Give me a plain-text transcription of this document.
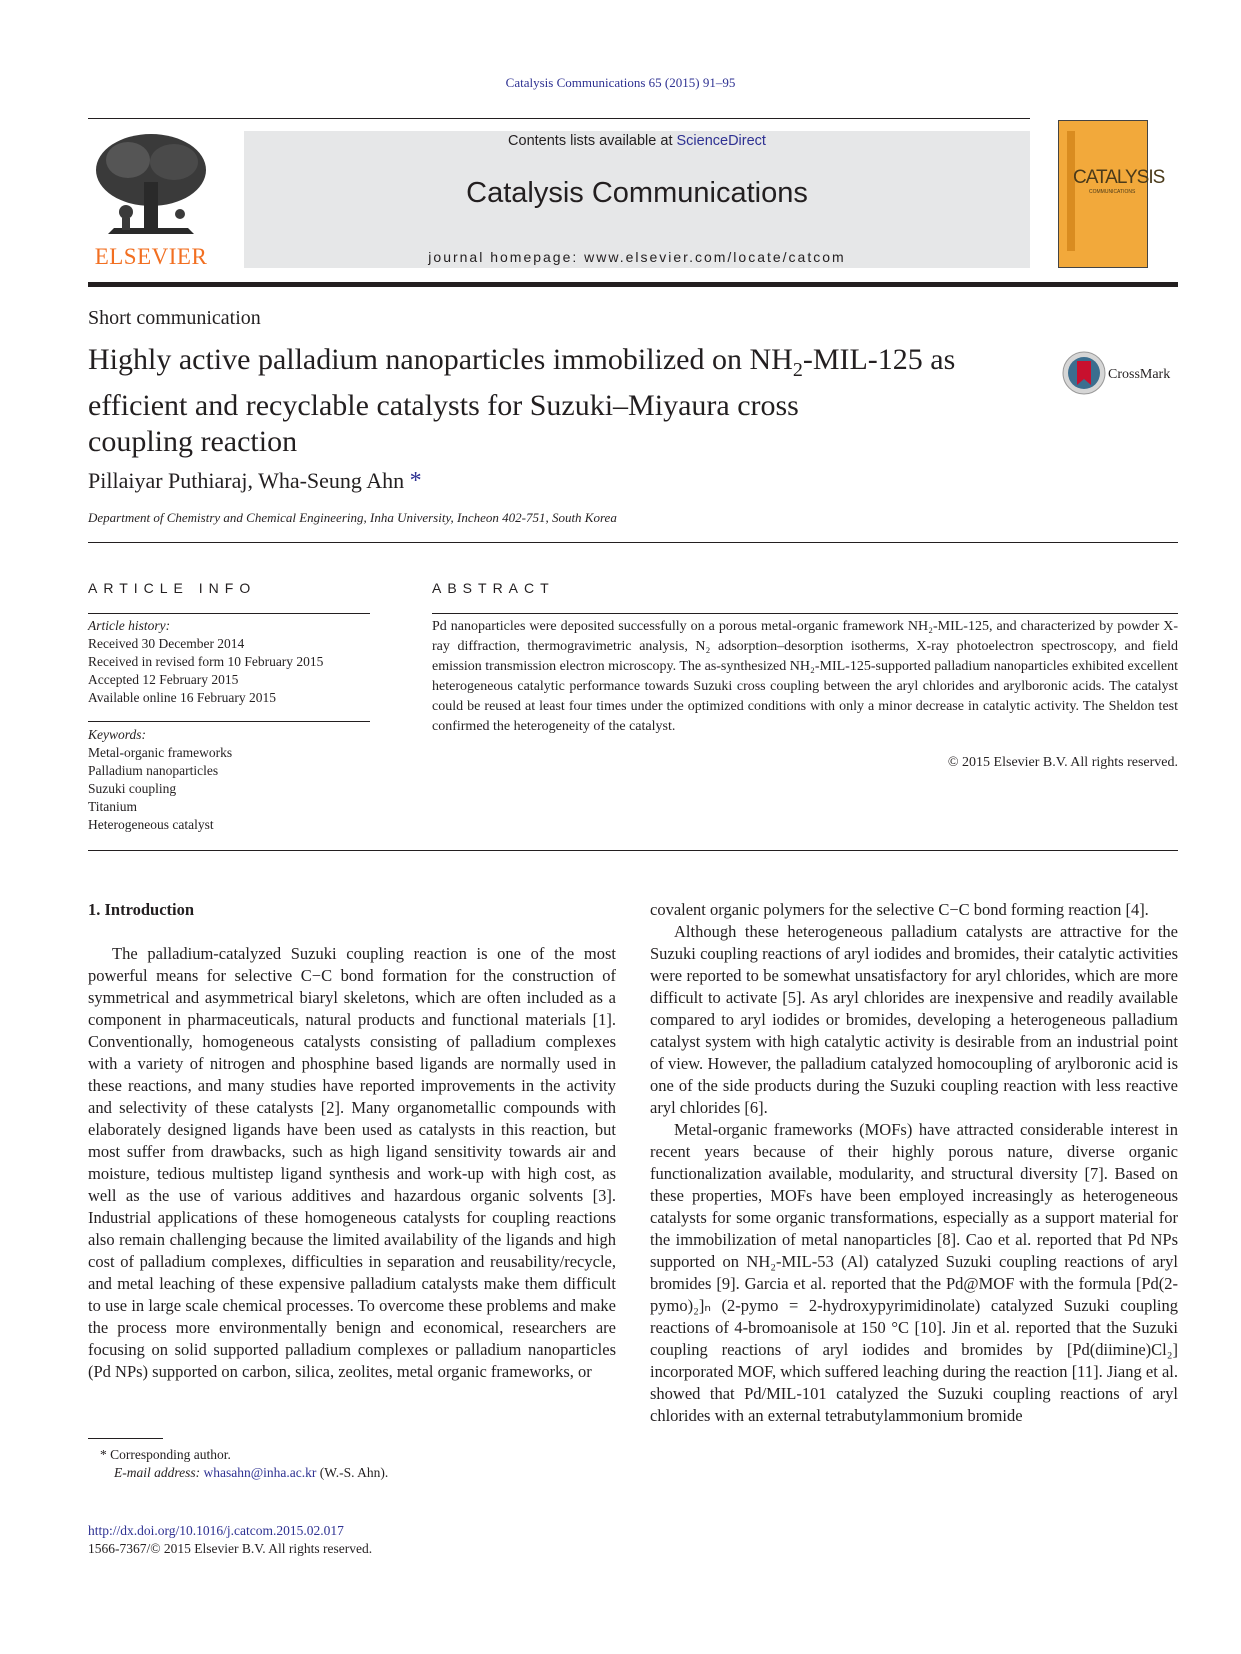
Catalysis Communications 65 (2015) 91–95
ELSEVIER
Contents lists available at ScienceDirect
Catalysis Communications
journal homepage: www.elsevier.com/locate/catcom
CATALYSIS
COMMUNICATIONS
Short communication
Highly active palladium nanoparticles immobilized on $NH_2-MIL-125$ as
efficient and recyclable catalysts for Suzuki–Miyaura cross
coupling reaction
CrossMark
Pillaiyar Puthiaraj, Wha-Seung Ahn *
Department of Chemistry and Chemical Engineering, Inha University, Incheon 402-751, South Korea
ARTICLE INFO
Article history:
Received 30 December 2014
Received in revised form 10 February 2015
Accepted 12 February 2015
Available online 16 February 2015
Keywords:
Metal-organic frameworks
Palladium nanoparticles
Suzuki coupling
Titanium
Heterogeneous catalyst
ABSTRACT
Pd nanoparticles were deposited successfully on a porous metal-organic framework NH₂-MIL-125, and characterized by powder X-ray diffraction, thermogravimetric analysis, N₂ adsorption–desorption isotherms, X-ray photoelectron spectroscopy, and field emission transmission electron microscopy. The as-synthesized NH₂-MIL-125-supported palladium nanoparticles exhibited excellent heterogeneous catalytic performance towards Suzuki cross coupling between the aryl chlorides and arylboronic acids. The catalyst could be reused at least four times under the optimized conditions with only a minor decrease in catalytic activity. The Sheldon test confirmed the heterogeneity of the catalyst.
© 2015 Elsevier B.V. All rights reserved.
1. Introduction

The palladium-catalyzed Suzuki coupling reaction is one of the most powerful means for selective C−C bond formation for the construction of symmetrical and asymmetrical biaryl skeletons, which are often included as a component in pharmaceuticals, natural products and functional materials [1]. Conventionally, homogeneous catalysts consisting of palladium complexes with a variety of nitrogen and phosphine based ligands are normally used in these reactions, and many studies have reported improvements in the activity and selectivity of these catalysts [2]. Many organometallic compounds with elaborately designed ligands have been used as catalysts in this reaction, but most suffer from drawbacks, such as high ligand sensitivity towards air and moisture, tedious multistep ligand synthesis and work-up with high cost, as well as the use of various additives and hazardous organic solvents [3]. Industrial applications of these homogeneous catalysts for coupling reactions also remain challenging because the limited availability of the ligands and high cost of palladium complexes, difficulties in separation and reusability/recycle, and metal leaching of these expensive palladium catalysts make them difficult to use in large scale chemical processes. To overcome these problems and make the process more environmentally benign and economical, researchers are focusing on solid supported palladium complexes or palladium nanoparticles (Pd NPs) supported on carbon, silica, zeolites, metal organic frameworks, or

covalent organic polymers for the selective C−C bond forming reaction [4].

Although these heterogeneous palladium catalysts are attractive for the Suzuki coupling reactions of aryl iodides and bromides, their catalytic activities were reported to be somewhat unsatisfactory for aryl chlorides, which are more difficult to activate [5]. As aryl chlorides are inexpensive and readily available compared to aryl iodides or bromides, developing a heterogeneous palladium catalyst system with high catalytic activity is desirable from an industrial point of view. However, the palladium catalyzed homocoupling of arylboronic acid is one of the side products during the Suzuki coupling reaction with less reactive aryl chlorides [6].

Metal-organic frameworks (MOFs) have attracted considerable interest in recent years because of their highly porous nature, diverse organic functionalization available, modularity, and structural diversity [7]. Based on these properties, MOFs have been employed increasingly as heterogeneous catalysts for some organic transformations, especially as a support material for the immobilization of metal nanoparticles [8]. Cao et al. reported that Pd NPs supported on NH₂-MIL-53 (Al) catalyzed Suzuki coupling reactions of aryl bromides [9]. Garcia et al. reported that the Pd@MOF with the formula [Pd(2-pymo)₂]ₙ (2-pymo = 2-hydroxypyrimidinolate) catalyzed Suzuki coupling reactions of 4-bromoanisole at 150 °C [10]. Jin et al. reported that the Suzuki coupling reactions of aryl iodides and bromides by [Pd(diimine)Cl₂] incorporated MOF, which suffered leaching during the reaction [11]. Jiang et al. showed that Pd/MIL-101 catalyzed the Suzuki coupling reactions of aryl chlorides with an external tetrabutylammonium bromide

* Corresponding author.
E-mail address: whasahn@inha.ac.kr (W.-S. Ahn).
http://dx.doi.org/10.1016/j.catcom.2015.02.017
1566-7367/© 2015 Elsevier B.V. All rights reserved.
